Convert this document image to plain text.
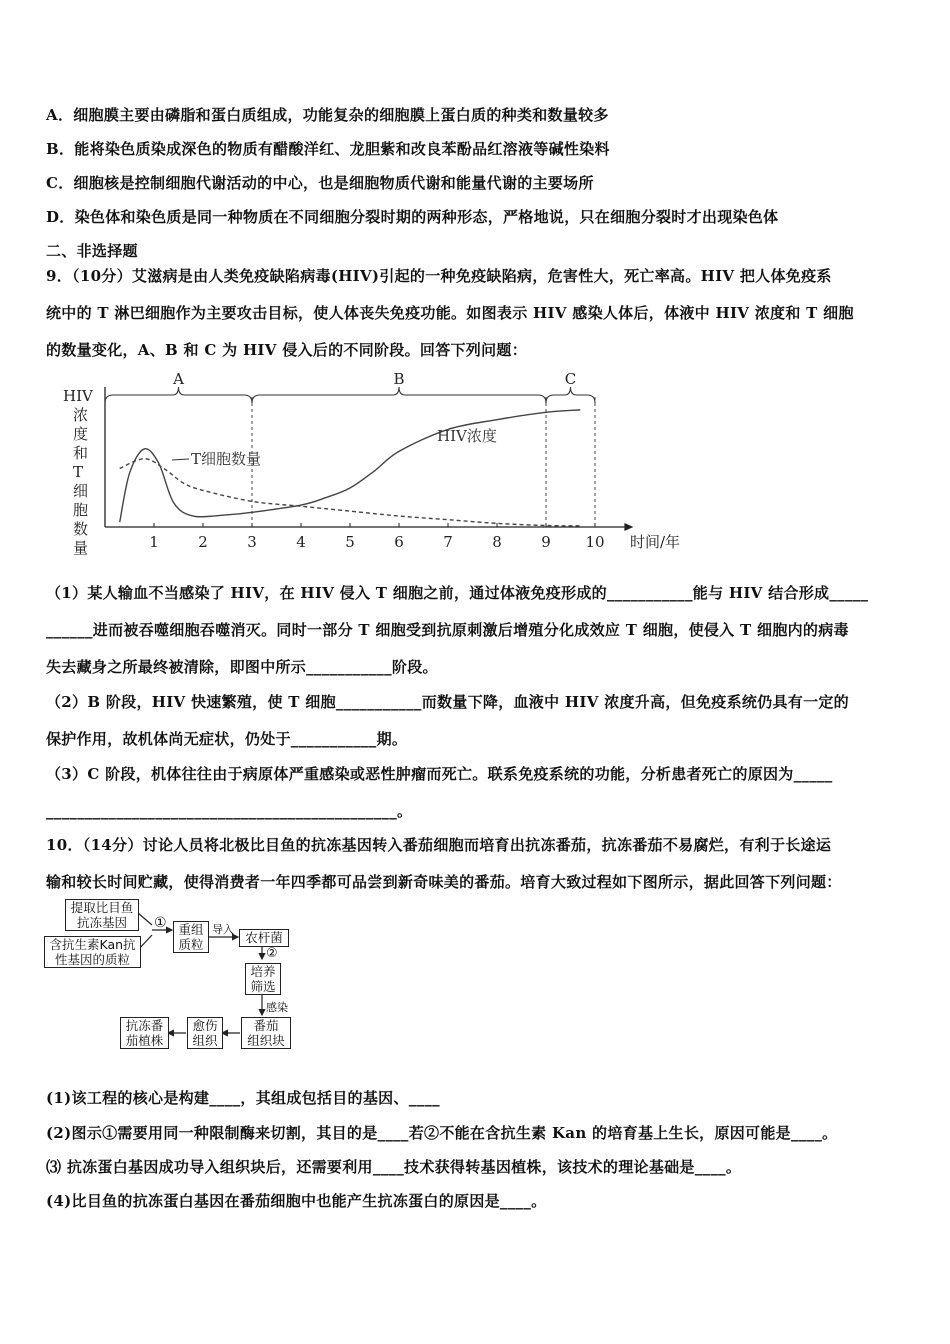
A．细胞膜主要由磷脂和蛋白质组成，功能复杂的细胞膜上蛋白质的种类和数量较多
B．能将染色质染成深色的物质有醋酸洋红、龙胆紫和改良苯酚品红溶液等碱性染料
C．细胞核是控制细胞代谢活动的中心，也是细胞物质代谢和能量代谢的主要场所
D．染色体和染色质是同一种物质在不同细胞分裂时期的两种形态，严格地说，只在细胞分裂时才出现染色体
二、非选择题
9．（10分）艾滋病是由人类免疫缺陷病毒(HIV)引起的一种免疫缺陷病，危害性大，死亡率高。HIV 把人体免疫系
统中的 T 淋巴细胞作为主要攻击目标，使人体丧失免疫功能。如图表示 HIV 感染人体后，体液中 HIV 浓度和 T 细胞
的数量变化，A、B 和 C 为 HIV 侵入后的不同阶段。回答下列问题：
HIV
浓
度
和
T
细
胞
数
量
A	B	C
1	2	3	4	5	6	7	8	9 10
HIV浓度
T细胞数量
时间/年
（1）某人输血不当感染了 HIV，在 HIV 侵入 T 细胞之前，通过体液免疫形成的___________能与 HIV 结合形成_____
______进而被吞噬细胞吞噬消灭。同时一部分 T 细胞受到抗原刺激后增殖分化成效应 T 细胞，使侵入 T 细胞内的病毒
失去藏身之所最终被清除，即图中所示___________阶段。
（2）B 阶段，HIV 快速繁殖，使 T 细胞___________而数量下降，血液中 HIV 浓度升高，但免疫系统仍具有一定的
保护作用，故机体尚无症状，仍处于___________期。
（3）C 阶段，机体往往由于病原体严重感染或恶性肿瘤而死亡。联系免疫系统的功能，分析患者死亡的原因为_____
_____________________________________________。
10．（14分）讨论人员将北极比目鱼的抗冻基因转入番茄细胞而培育出抗冻番茄，抗冻番茄不易腐烂，有利于长途运
输和较长时间贮藏，使得消费者一年四季都可品尝到新奇味美的番茄。培育大致过程如下图所示，据此回答下列问题：
提取比目鱼
抗冻基因
含抗生素Kan抗
性基因的质粒
① 重组
质粒
导入
农杆菌
②
培养
筛选
感染
番茄
组织块
愈伤
组织
抗冻番
茄植株
(1)该工程的核心是构建____，其组成包括目的基因、____
(2)图示①需要用同一种限制酶来切割，其目的是____若②不能在含抗生素 Kan 的培育基上生长，原因可能是____。
⑶ 抗冻蛋白基因成功导入组织块后，还需要利用____技术获得转基因植株，该技术的理论基础是____。
(4)比目鱼的抗冻蛋白基因在番茄细胞中也能产生抗冻蛋白的原因是____。
